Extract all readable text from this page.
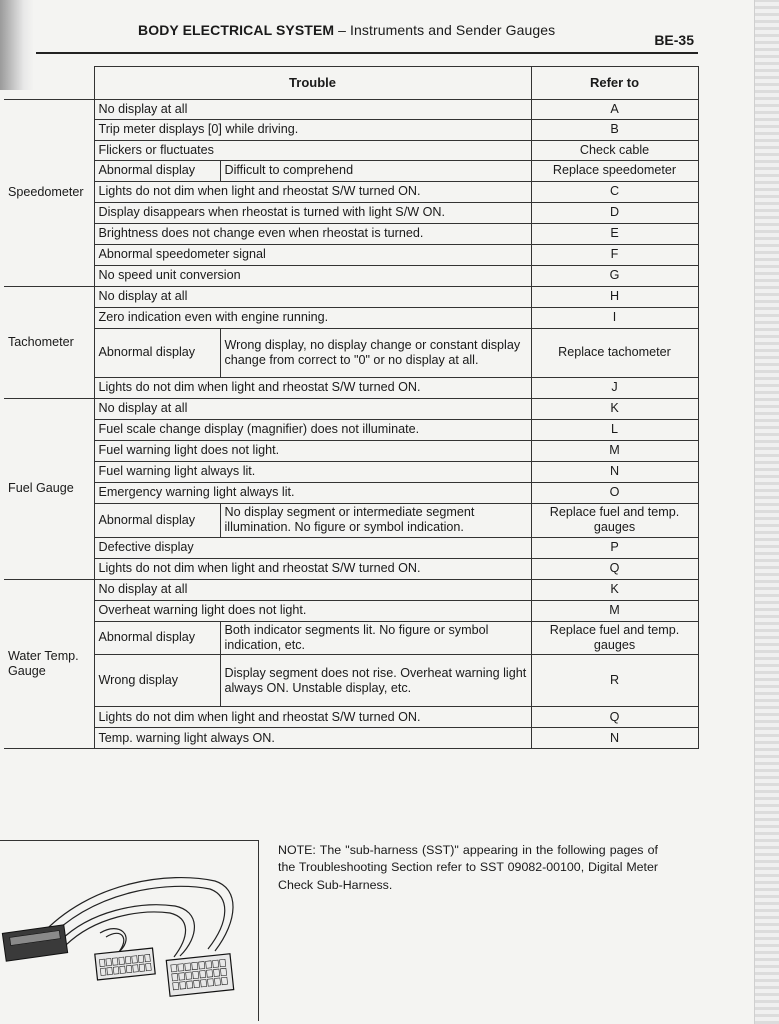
BODY ELECTRICAL SYSTEM – Instruments and Sender Gauges
BE-35
	Trouble		Refer to
Speedometer	No display at all		A
	Trip meter displays [0] while driving.		B
	Flickers or fluctuates		Check cable
	Abnormal display	Difficult to comprehend	Replace speedometer
	Lights do not dim when light and rheostat S/W turned ON.		C
	Display disappears when rheostat is turned with light S/W ON.		D
	Brightness does not change even when rheostat is turned.		E
	Abnormal speedometer signal		F
	No speed unit conversion		G
Tachometer	No display at all		H
	Zero indication even with engine running.		I
	Abnormal display	Wrong display, no display change or constant display change from correct to "0" or no display at all.	Replace tachometer
	Lights do not dim when light and rheostat S/W turned ON.		J
Fuel Gauge	No display at all		K
	Fuel scale change display (magnifier) does not illuminate.		L
	Fuel warning light does not light.		M
	Fuel warning light always lit.		N
	Emergency warning light always lit.		O
	Abnormal display	No display segment or intermediate segment illumination. No figure or symbol indication.	Replace fuel and temp. gauges
	Defective display		P
	Lights do not dim when light and rheostat S/W turned ON.		Q
Water Temp. Gauge	No display at all		K
	Overheat warning light does not light.		M
	Abnormal display	Both indicator segments lit. No figure or symbol indication, etc.	Replace fuel and temp. gauges
	Wrong display	Display segment does not rise. Overheat warning light always ON. Unstable display, etc.	R
	Lights do not dim when light and rheostat S/W turned ON.		Q
	Temp. warning light always ON.		N
NOTE: The "sub-harness (SST)" appearing in the following pages of the Troubleshooting Section refer to SST 09082-00100, Digital Meter Check Sub-Harness.
